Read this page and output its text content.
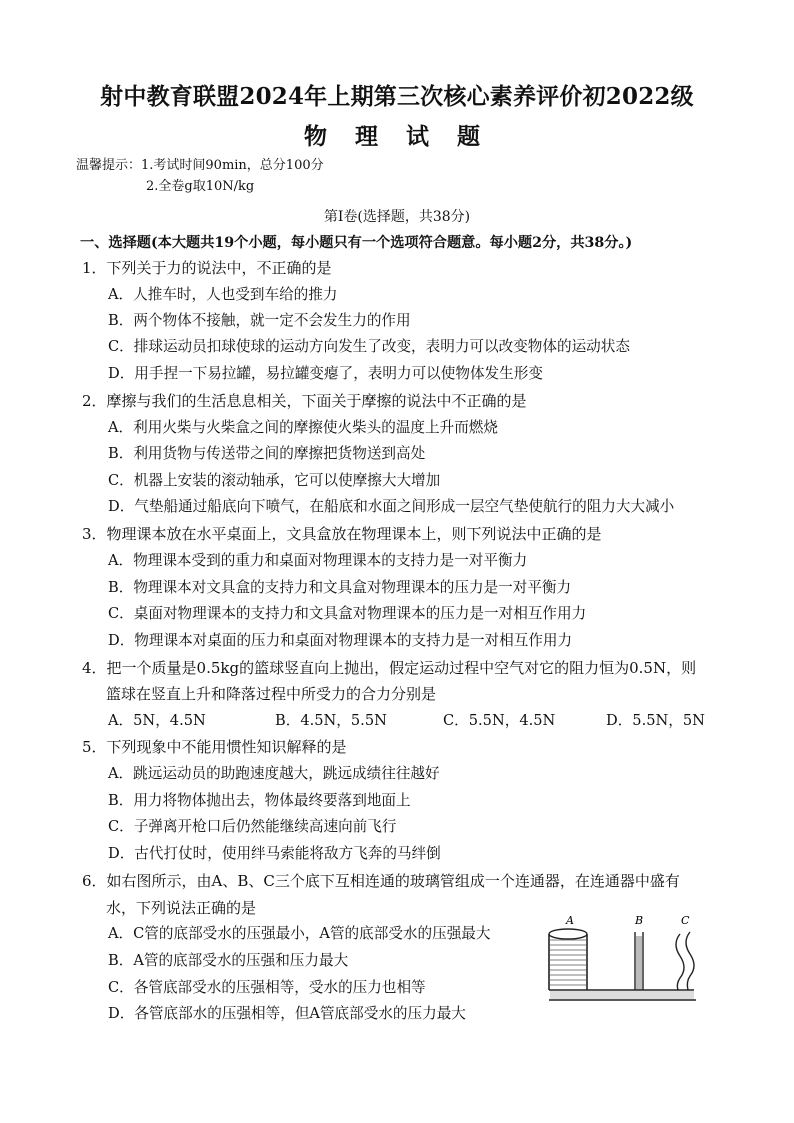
射中教育联盟2024年上期第三次核心素养评价初2022级
物 理 试 题
温馨提示：1.考试时间90min，总分100分
2.全卷g取10N/kg
第Ⅰ卷(选择题，共38分)
一、选择题(本大题共19个小题，每小题只有一个选项符合题意。每小题2分，共38分。)
1．下列关于力的说法中，不正确的是
A．人推车时，人也受到车给的推力
B．两个物体不接触，就一定不会发生力的作用
C．排球运动员扣球使球的运动方向发生了改变，表明力可以改变物体的运动状态
D．用手捏一下易拉罐，易拉罐变瘪了，表明力可以使物体发生形变
2．摩擦与我们的生活息息相关，下面关于摩擦的说法中不正确的是
A．利用火柴与火柴盒之间的摩擦使火柴头的温度上升而燃烧
B．利用货物与传送带之间的摩擦把货物送到高处
C．机器上安装的滚动轴承，它可以使摩擦大大增加
D．气垫船通过船底向下喷气，在船底和水面之间形成一层空气垫使航行的阻力大大减小
3．物理课本放在水平桌面上，文具盒放在物理课本上，则下列说法中正确的是
A．物理课本受到的重力和桌面对物理课本的支持力是一对平衡力
B．物理课本对文具盒的支持力和文具盒对物理课本的压力是一对平衡力
C．桌面对物理课本的支持力和文具盒对物理课本的压力是一对相互作用力
D．物理课本对桌面的压力和桌面对物理课本的支持力是一对相互作用力
4．把一个质量是0.5kg的篮球竖直向上抛出，假定运动过程中空气对它的阻力恒为0.5N，则
篮球在竖直上升和降落过程中所受力的合力分别是
A．5N，4.5N	B．4.5N，5.5N	C．5.5N，4.5N	D．5.5N，5N
5．下列现象中不能用惯性知识解释的是
A．跳远运动员的助跑速度越大，跳远成绩往往越好
B．用力将物体抛出去，物体最终要落到地面上
C．子弹离开枪口后仍然能继续高速向前飞行
D．古代打仗时，使用绊马索能将敌方飞奔的马绊倒
6．如右图所示，由A、B、C三个底下互相连通的玻璃管组成一个连通器，在连通器中盛有
水，下列说法正确的是
A．C管的底部受水的压强最小，A管的底部受水的压强最大
B．A管的底部受水的压强和压力最大
C．各管底部受水的压强相等，受水的压力也相等
D．各管底部水的压强相等，但A管底部受水的压力最大
A	B	C
